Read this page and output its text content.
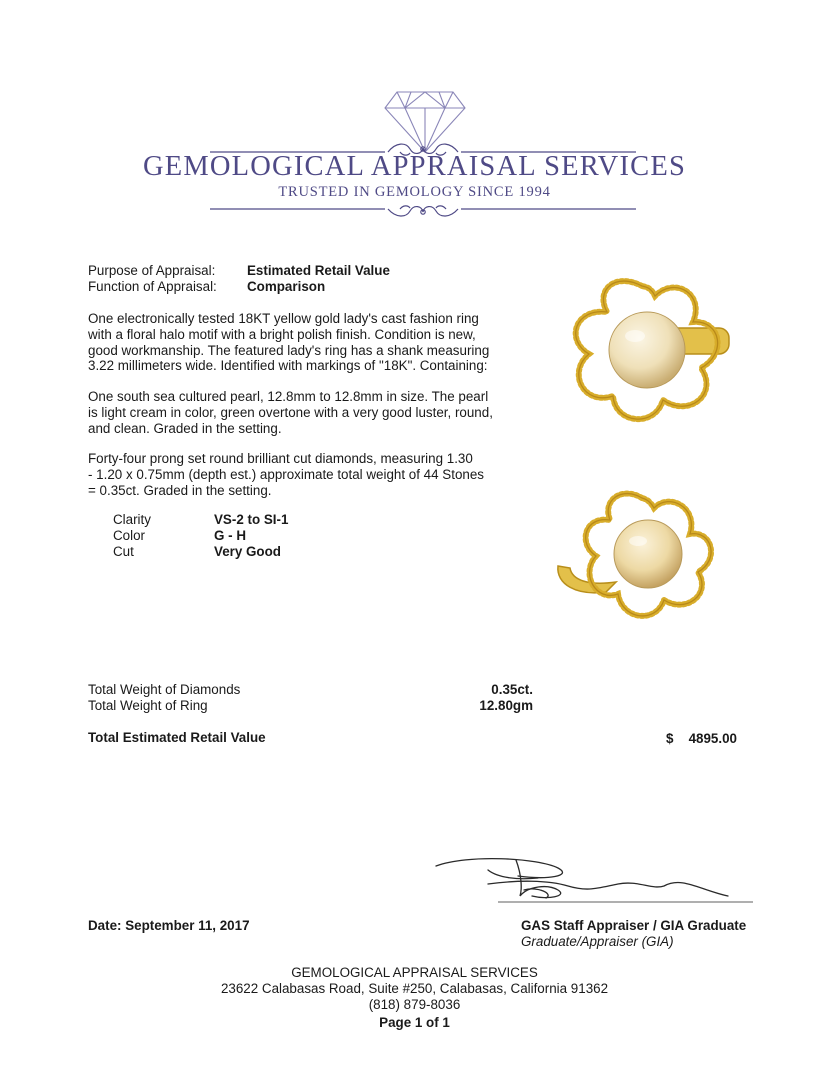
GEMOLOGICAL APPRAISAL SERVICES
TRUSTED IN GEMOLOGY SINCE 1994
Purpose of Appraisal: Estimated Retail Value
Function of Appraisal: Comparison
One electronically tested 18KT yellow gold lady's cast fashion ring
with a floral halo motif with a bright polish finish. Condition is new,
good workmanship. The featured lady's ring has a shank measuring
3.22 millimeters wide. Identified with markings of "18K". Containing:
One south sea cultured pearl, 12.8mm to 12.8mm in size. The pearl
is light cream in color, green overtone with a very good luster, round,
and clean. Graded in the setting.
Forty-four prong set round brilliant cut diamonds, measuring 1.30
- 1.20 x 0.75mm (depth est.) approximate total weight of 44 Stones
= 0.35ct. Graded in the setting.
Clarity	VS-2 to SI-1
Color	G - H
Cut	Very Good
Total Weight of Diamonds	0.35ct.
Total Weight of Ring	12.80gm
Total Estimated Retail Value	$ 4895.00
Date: September 11, 2017	GAS Staff Appraiser / GIA Graduate
Graduate/Appraiser (GIA)
GEMOLOGICAL APPRAISAL SERVICES
23622 Calabasas Road, Suite #250, Calabasas, California 91362
(818) 879-8036
Page 1 of 1
